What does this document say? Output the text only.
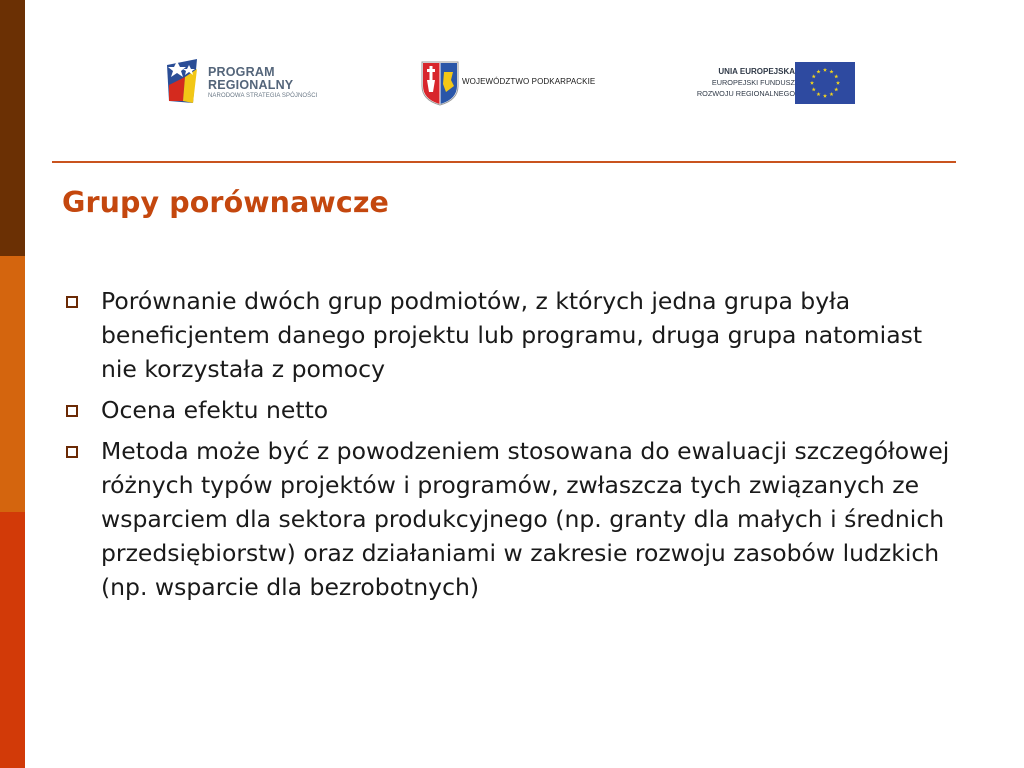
PROGRAM
REGIONALNY
NARODOWA STRATEGIA SPÓJNOŚCI
WOJEWÓDZTWO PODKARPACKIE
UNIA EUROPEJSKA
EUROPEJSKI FUNDUSZ
ROZWOJU REGIONALNEGO
Grupy porównawcze
Porównanie dwóch grup podmiotów, z których jedna grupa była beneficjentem danego projektu lub programu, druga grupa natomiast nie korzystała z pomocy
Ocena efektu netto
Metoda może być z powodzeniem stosowana do ewaluacji szczegółowej różnych typów projektów i programów, zwłaszcza tych związanych ze wsparciem dla sektora produkcyjnego (np. granty dla małych i średnich przedsiębiorstw) oraz działaniami w zakresie rozwoju zasobów ludzkich (np. wsparcie dla bezrobotnych)
